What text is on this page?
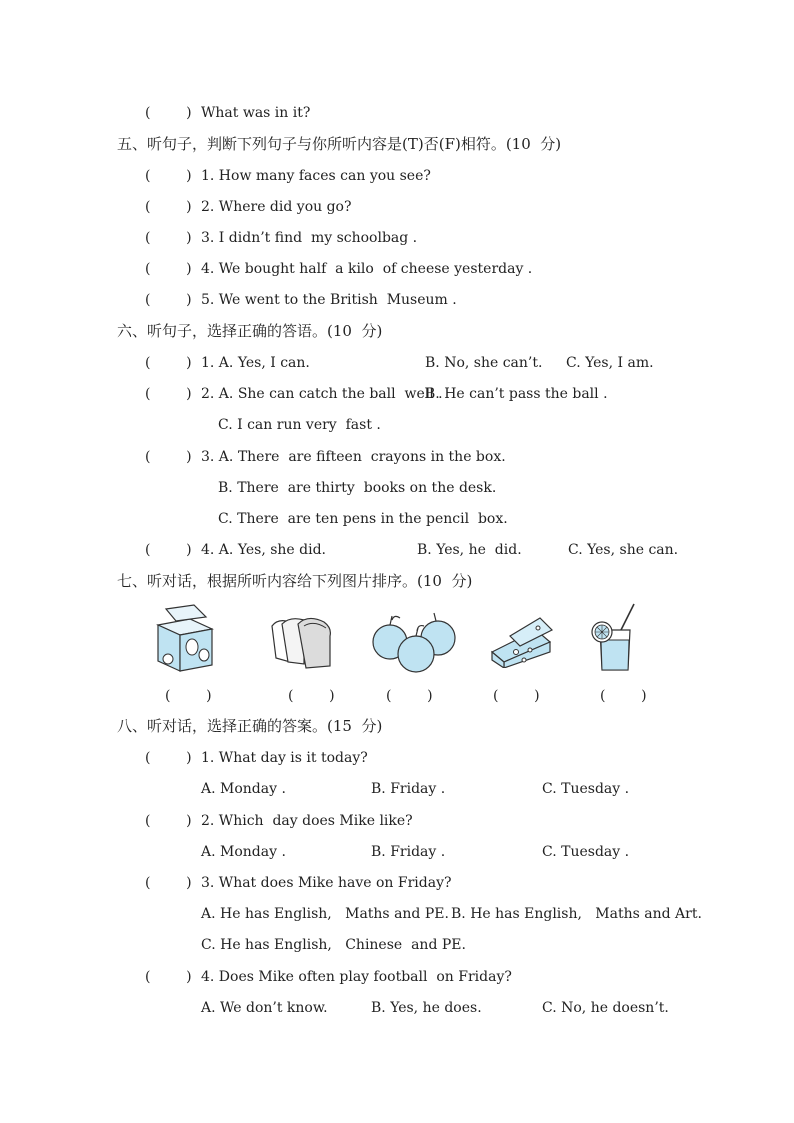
(        ) What was in it?
五、听句子，判断下列句子与你所听内容是(T)否(F)相符。(10  分)
(        ) 1. How many faces can you see?
(        ) 2. Where did you go?
(        ) 3. I didn’t find  my schoolbag .
(        ) 4. We bought half  a kilo  of cheese yesterday .
(        ) 5. We went to the British  Museum .
六、听句子，选择正确的答语。(10  分)
(        ) 1. A. Yes, I can.	B. No, she can’t. C. Yes, I am.
(        ) 2. A. She can catch the ball  well .
B. He can’t pass the ball .
C. I can run very  fast .
(        ) 3. A. There  are fifteen  crayons in the box.
B. There  are thirty  books on the desk.
C. There  are ten pens in the pencil  box.
(        ) 4. A. Yes, she did.	B. Yes, he  did.	C. Yes, she can.
七、听对话，根据所听内容给下列图片排序。(10  分)
(        )	(        )	(        )	(        )	(        )
八、听对话，选择正确的答案。(15  分)
(        ) 1. What day is it today?
A. Monday .	B. Friday .	C. Tuesday .
(        ) 2. Which  day does Mike like?
A. Monday .	B. Friday .	C. Tuesday .
(        ) 3. What does Mike have on Friday?
A. He has English,   Maths and PE. B. He has English,   Maths and Art.
C. He has English,   Chinese  and PE.
(        ) 4. Does Mike often play football  on Friday?
A. We don’t know.	B. Yes, he does.	C. No, he doesn’t.
